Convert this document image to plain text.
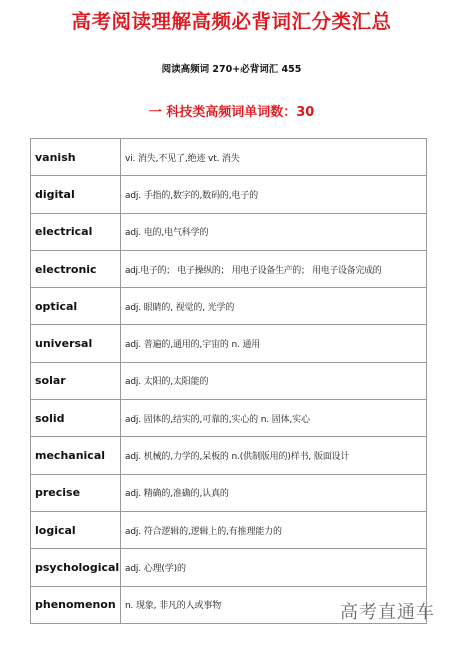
高考阅读理解高频必背词汇分类汇总
阅读高频词 270+必背词汇 455
一 科技类高频词单词数：30
vanish	vi. 消失,不见了,绝迹 vt. 消失
digital	adj. 手指的,数字的,数码的,电子的
electrical	adj. 电的,电气科学的
electronic	adj.电子的； 电子操纵的； 用电子设备生产的； 用电子设备完成的
optical	adj. 眼睛的, 视觉的, 光学的
universal	adj. 普遍的,通用的,宇宙的 n. 通用
solar	adj. 太阳的,太阳能的
solid	adj. 固体的,结实的,可靠的,实心的 n. 固体,实心
mechanical	adj. 机械的,力学的,呆板的 n.(供制版用的)样书, 版面设计
precise	adj. 精确的,准确的,认真的
logical	adj. 符合逻辑的,逻辑上的,有推理能力的
psychological	adj. 心理(学)的
phenomenon	n. 现象, 非凡的人或事物	高考直通车
